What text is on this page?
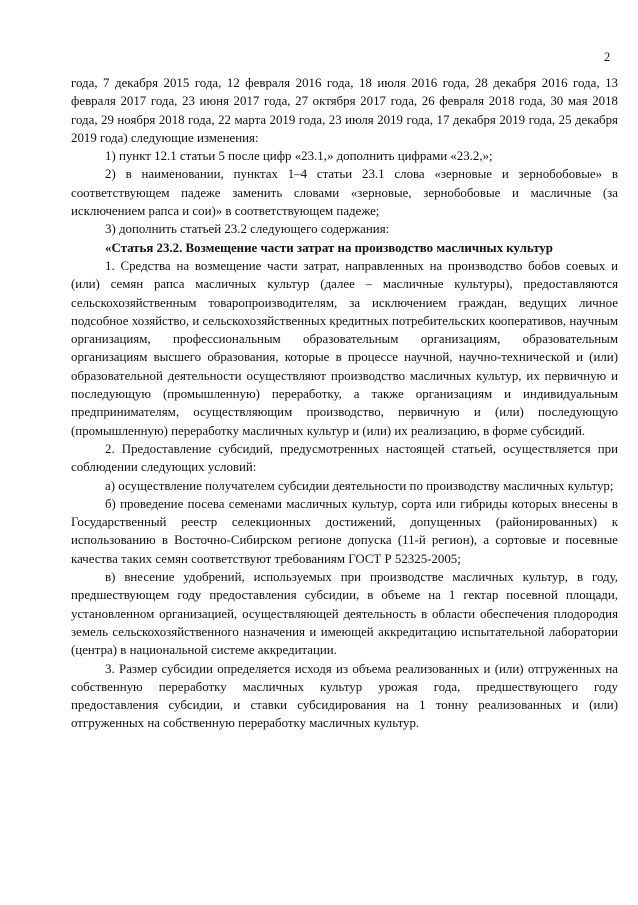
2

года, 7 декабря 2015 года, 12 февраля 2016 года, 18 июля 2016 года, 28 декабря 2016 года, 13 февраля 2017 года, 23 июня 2017 года, 27 октября 2017 года, 26 февраля 2018 года, 30 мая 2018 года, 29 ноября 2018 года, 22 марта 2019 года, 23 июля 2019 года, 17 декабря 2019 года, 25 декабря 2019 года) следующие изменения:

1) пункт 12.1 статьи 5 после цифр «23.1,» дополнить цифрами «23.2,»;

2) в наименовании, пунктах 1–4 статьи 23.1 слова «зерновые и зернобобовые» в соответствующем падеже заменить словами «зерновые, зернобобовые и масличные (за исключением рапса и сои)» в соответствующем падеже;

3) дополнить статьей 23.2 следующего содержания:

«Статья 23.2. Возмещение части затрат на производство масличных культур

1. Средства на возмещение части затрат, направленных на производство бобов соевых и (или) семян рапса масличных культур (далее – масличные культуры), предоставляются сельскохозяйственным товаропроизводителям, за исключением граждан, ведущих личное подсобное хозяйство, и сельскохозяйственных кредитных потребительских кооперативов, научным организациям, профессиональным образовательным организациям, образовательным организациям высшего образования, которые в процессе научной, научно-технической и (или) образовательной деятельности осуществляют производство масличных культур, их первичную и последующую (промышленную) переработку, а также организациям и индивидуальным предпринимателям, осуществляющим производство, первичную и (или) последующую (промышленную) переработку масличных культур и (или) их реализацию, в форме субсидий.

2. Предоставление субсидий, предусмотренных настоящей статьей, осуществляется при соблюдении следующих условий:

а) осуществление получателем субсидии деятельности по производству масличных культур;

б) проведение посева семенами масличных культур, сорта или гибриды которых внесены в Государственный реестр селекционных достижений, допущенных (районированных) к использованию в Восточно-Сибирском регионе допуска (11-й регион), а сортовые и посевные качества таких семян соответствуют требованиям ГОСТ Р 52325-2005;

в) внесение удобрений, используемых при производстве масличных культур, в году, предшествующем году предоставления субсидии, в объеме на 1 гектар посевной площади, установленном организацией, осуществляющей деятельность в области обеспечения плодородия земель сельскохозяйственного назначения и имеющей аккредитацию испытательной лаборатории (центра) в национальной системе аккредитации.

3. Размер субсидии определяется исходя из объема реализованных и (или) отгруженных на собственную переработку масличных культур урожая года, предшествующего году предоставления субсидии, и ставки субсидирования на 1 тонну реализованных и (или) отгруженных на собственную переработку масличных культур.
